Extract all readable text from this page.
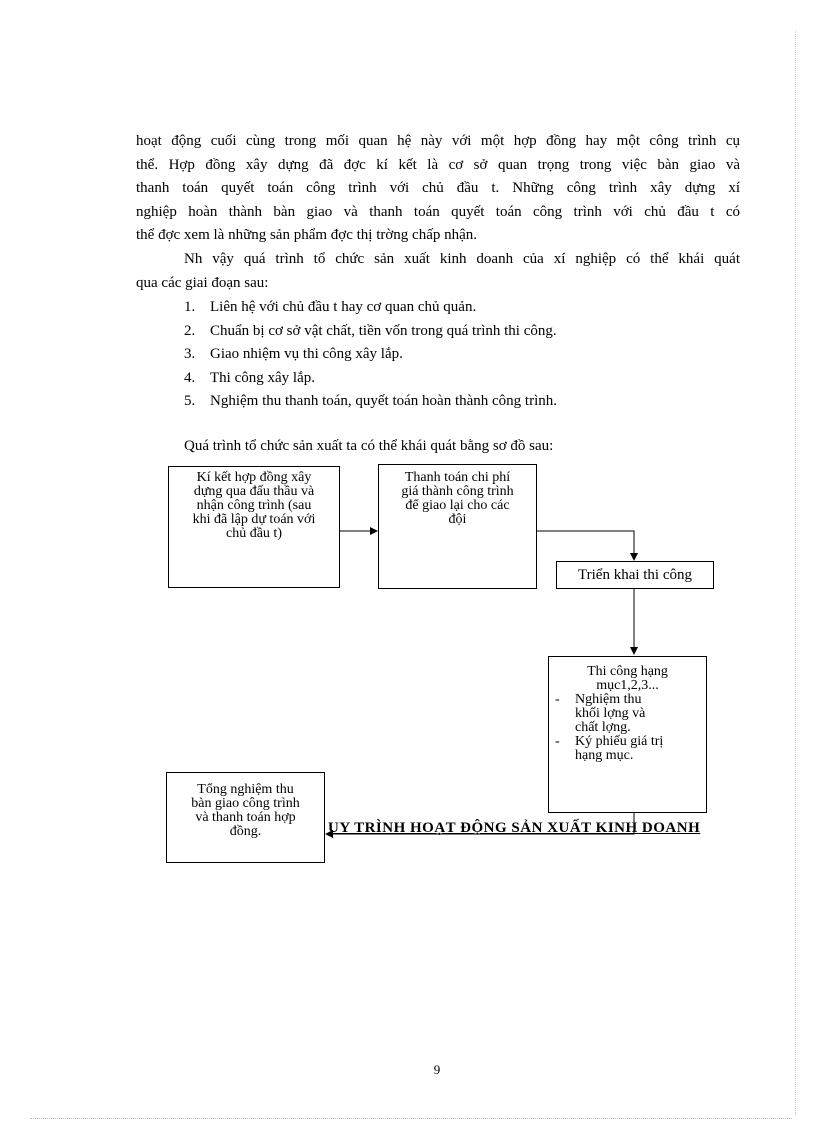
hoạt động cuối cùng trong mối quan hệ này với một hợp đồng hay một công trình cụ
thể. Hợp đồng xây dựng đã đợc kí kết là cơ sở quan trọng trong việc bàn giao và
thanh toán quyết toán công trình với chủ đầu t. Những công trình xây dựng xí
nghiệp hoàn thành bàn giao và thanh toán quyết toán công trình với chủ đầu t có
thể đợc xem là những sản phẩm đợc thị trờng chấp nhận.

Nh vậy quá trình tổ chức sản xuất kinh doanh của xí nghiệp có thể khái quát
qua các giai đoạn sau:

1. Liên hệ với chủ đầu t hay cơ quan chủ quản.
2. Chuẩn bị cơ sở vật chất, tiền vốn trong quá trình thi công.
3. Giao nhiệm vụ thi công xây lắp.
4. Thi công xây lắp.
5. Nghiệm thu thanh toán, quyết toán hoàn thành công trình.

Quá trình tổ chức sản xuất ta có thể khái quát bằng sơ đồ sau:

Kí kết hợp đồng xây
dựng qua đấu thầu và
nhận công trình (sau
khi đã lập dự toán với
chủ đầu t)
Thanh toán chi phí
giá thành công trình
để giao lại cho các
đội
Triển khai thi công
Thi công hạng
mục1,2,3...
- Nghiệm thu
khối lợng và
chất lợng.
- Ký phiếu giá trị
hạng mục.
UY TRÌNH HOẠT ĐỘNG SẢN XUẤT KINH DOANH
Tổng nghiệm thu
bàn giao công trình
và thanh toán hợp
đồng.
9
